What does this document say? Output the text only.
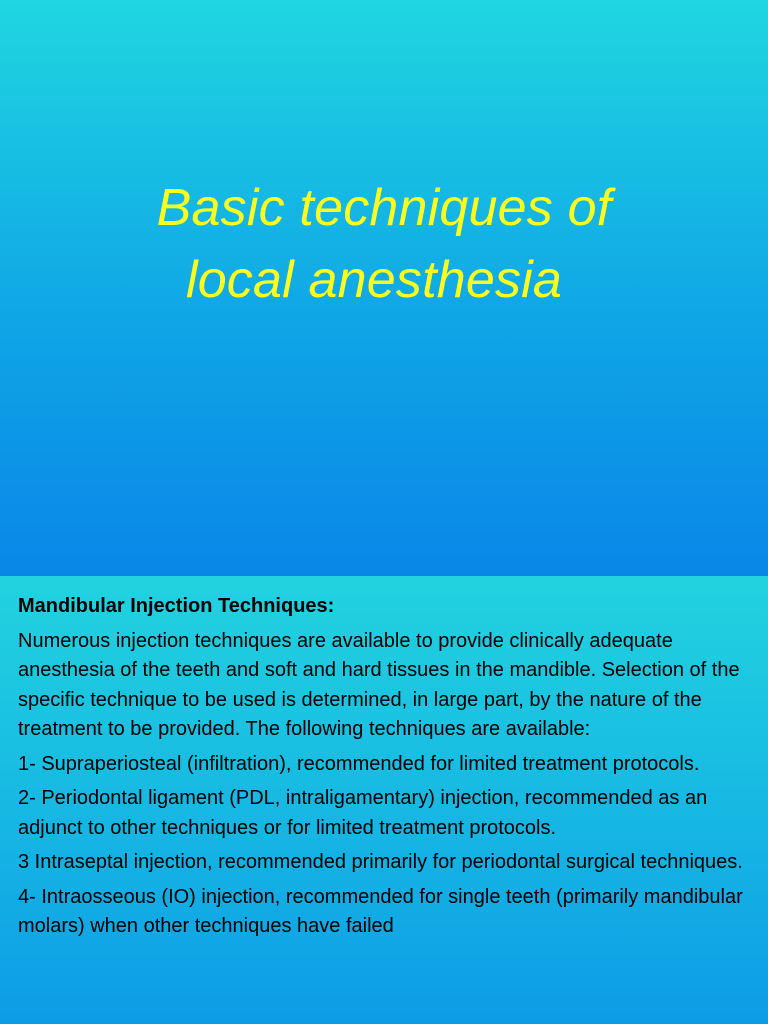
Basic techniques of
local anesthesia

Mandibular Injection Techniques:

Numerous injection techniques are available to provide clinically adequate anesthesia of the teeth and soft and hard tissues in the mandible. Selection of the specific technique to be used is determined, in large part, by the nature of the treatment to be provided. The following techniques are available:

1- Supraperiosteal (infiltration), recommended for limited treatment protocols.

2- Periodontal ligament (PDL, intraligamentary) injection, recommended as an adjunct to other techniques or for limited treatment protocols.

3 Intraseptal injection, recommended primarily for periodontal surgical techniques.

4- Intraosseous (IO) injection, recommended for single teeth (primarily mandibular molars) when other techniques have failed
